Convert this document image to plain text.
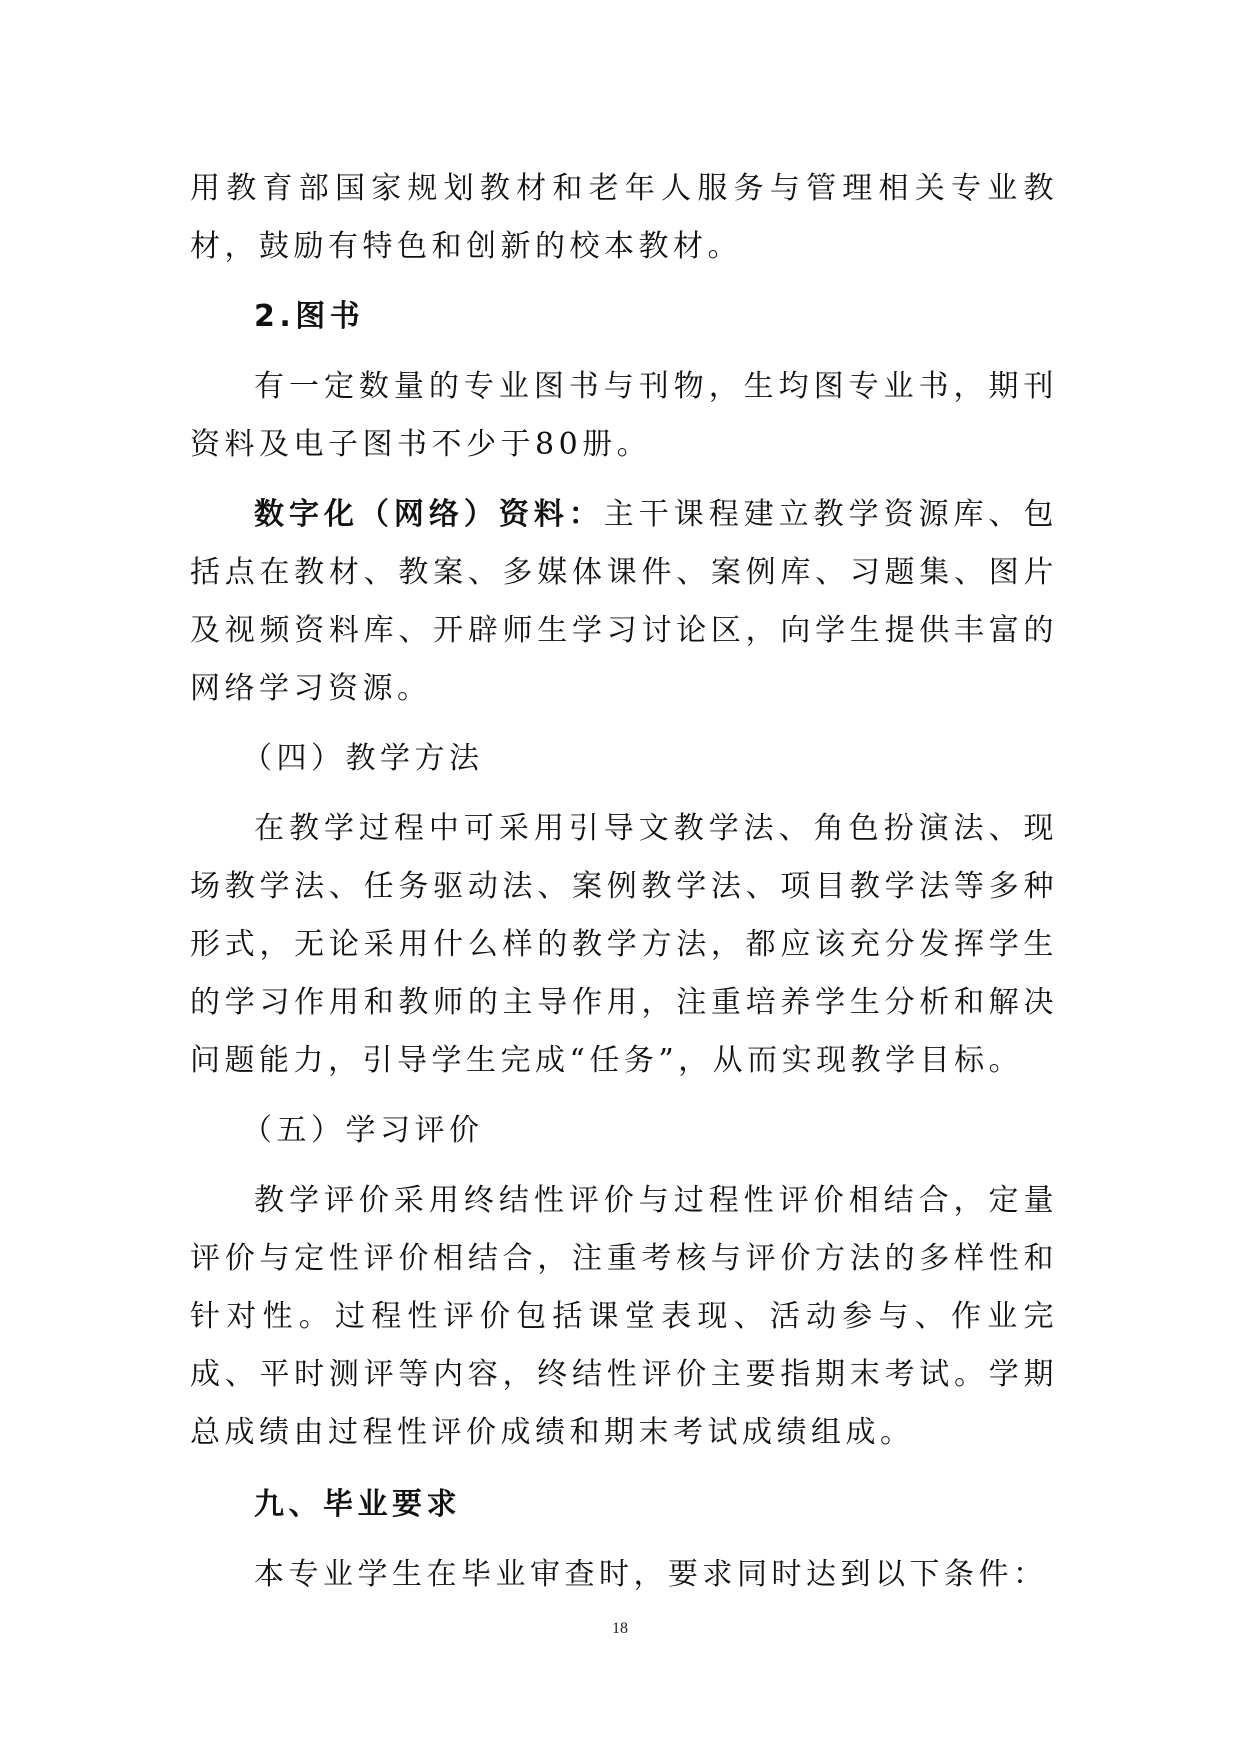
用教育部国家规划教材和老年人服务与管理相关专业教材，鼓励有特色和创新的校本教材。

2.图书

有一定数量的专业图书与刊物，生均图专业书，期刊资料及电子图书不少于80册。

数字化（网络）资料：主干课程建立教学资源库、包括点在教材、教案、多媒体课件、案例库、习题集、图片及视频资料库、开辟师生学习讨论区，向学生提供丰富的网络学习资源。

（四）教学方法

在教学过程中可采用引导文教学法、角色扮演法、现场教学法、任务驱动法、案例教学法、项目教学法等多种形式，无论采用什么样的教学方法，都应该充分发挥学生的学习作用和教师的主导作用，注重培养学生分析和解决问题能力，引导学生完成“任务”，从而实现教学目标。

（五）学习评价

教学评价采用终结性评价与过程性评价相结合，定量评价与定性评价相结合，注重考核与评价方法的多样性和针对性。过程性评价包括课堂表现、活动参与、作业完成、平时测评等内容，终结性评价主要指期末考试。学期总成绩由过程性评价成绩和期末考试成绩组成。

九、毕业要求

本专业学生在毕业审查时，要求同时达到以下条件：

18
